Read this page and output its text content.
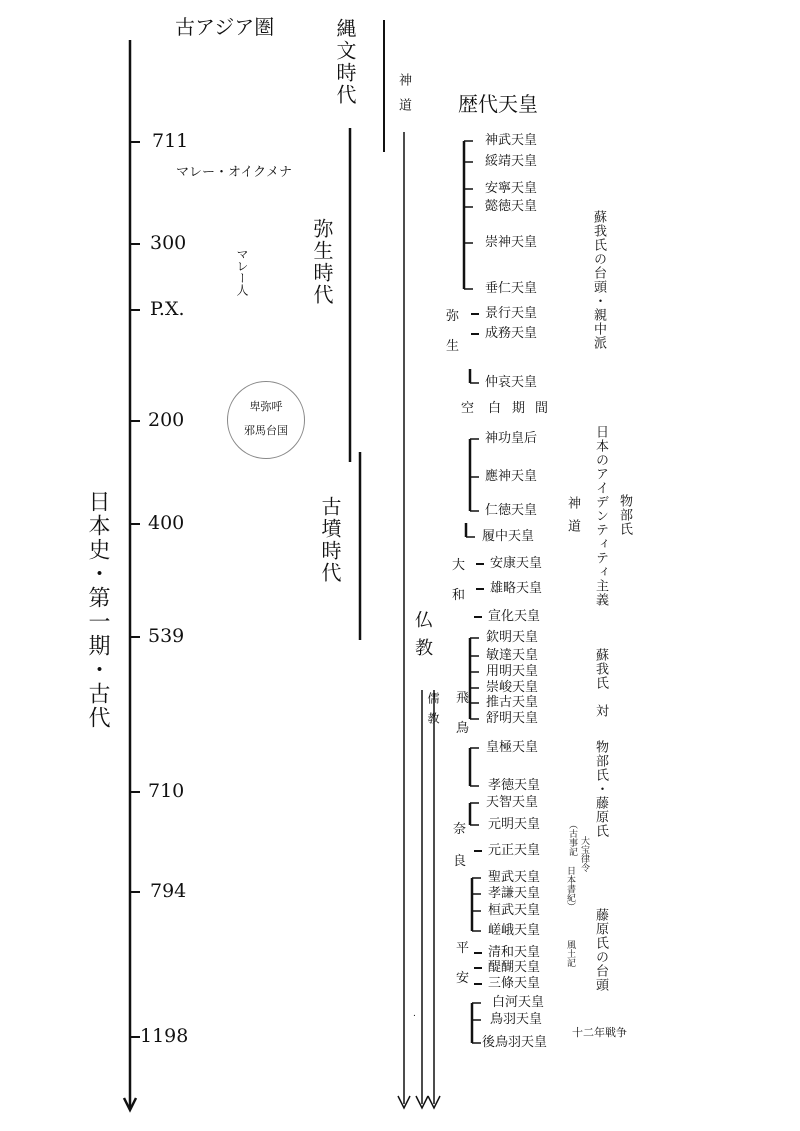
日本史・第一期・古代
古アジア圏
歴代天皇
縄文時代
弥生時代
古墳時代
神道
仏教
儒教
マレー・オイクメナ
マレー人
卑弥呼
邪馬台国
蘇我氏の台頭・親中派
日本のアイデンティティ主義
神道	物部氏
蘇我氏　対
物部氏・藤原氏
（古事記 大宝律令
日本書紀）
風土記 藤原氏の台頭
十二年戦争
.
711
300
P.X.
200
400
539
710
794
1198
神武天皇
綏靖天皇
安寧天皇
懿徳天皇
崇神天皇
垂仁天皇
景行天皇
成務天皇
仲哀天皇
神功皇后
應神天皇
仁徳天皇
履中天皇
安康天皇
雄略天皇
宣化天皇
欽明天皇
敏達天皇
用明天皇
崇峻天皇
推古天皇
舒明天皇
皇極天皇
孝徳天皇
天智天皇
元明天皇
元正天皇
聖武天皇
孝謙天皇
桓武天皇
嵯峨天皇
清和天皇
醍醐天皇
三條天皇
白河天皇
鳥羽天皇
後鳥羽天皇
空 白 期 間
弥
生
大
和
飛
鳥
奈
良
平
安
